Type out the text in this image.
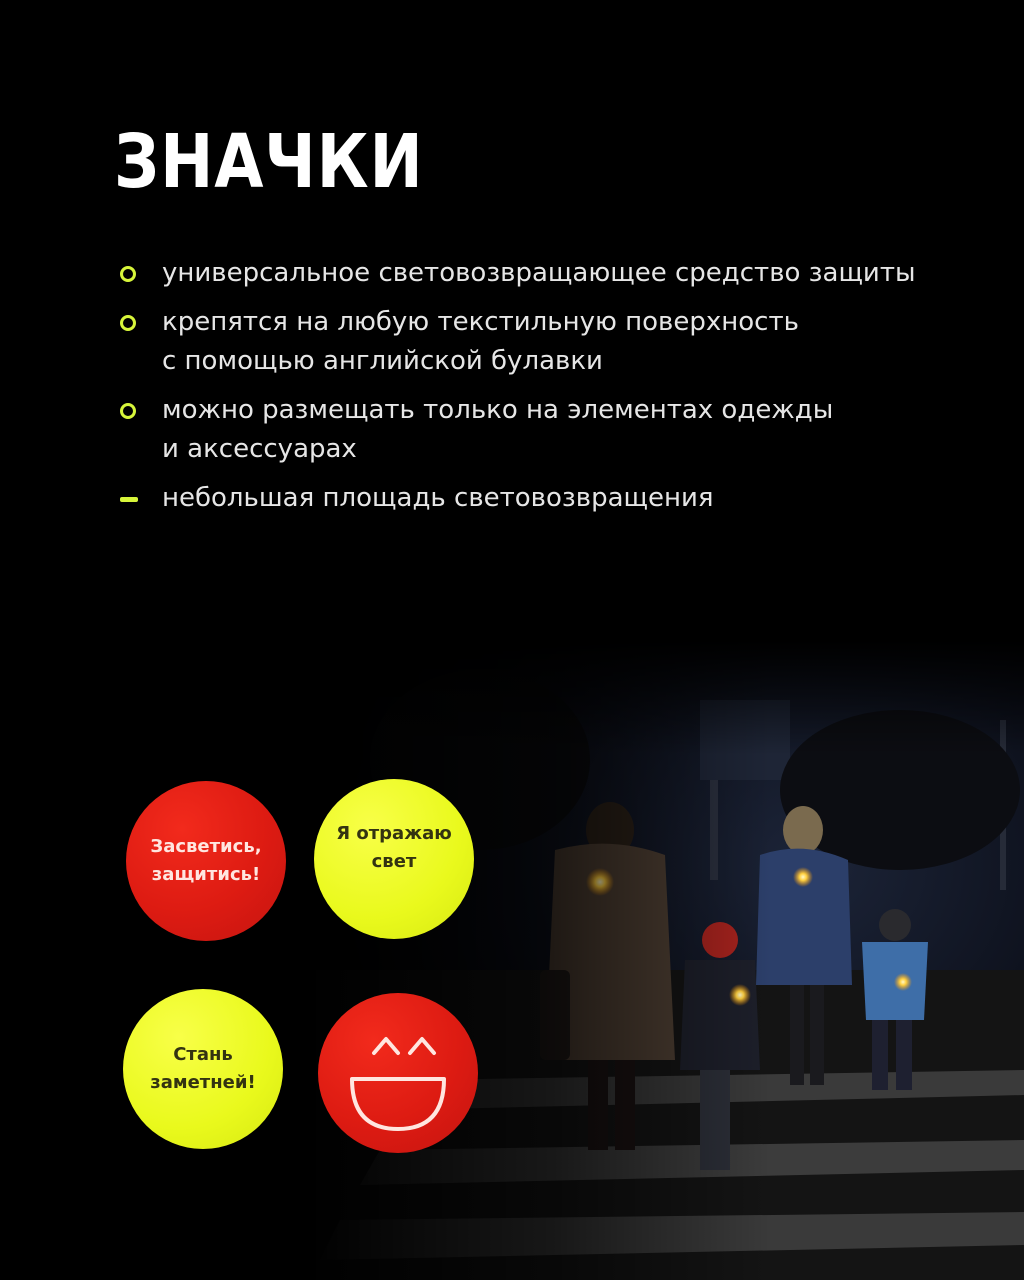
ЗНАЧКИ
универсальное световозвращающее средство защиты
крепятся на любую текстильную поверхность
с помощью английской булавки
можно размещать только на элементах одежды
и аксессуарах
небольшая площадь световозвращения
Засветись,
защитись!
Я отражаю
свет
Стань
заметней!
